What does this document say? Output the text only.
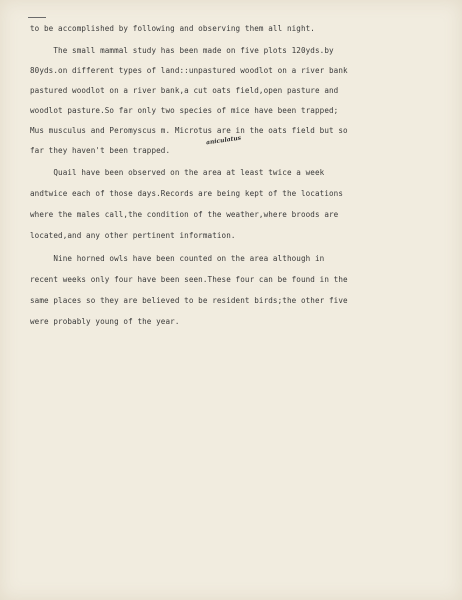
to be accomplished by following and observing them all night.
The small mammal study has been made on five plots 120yds.by
80yds.on different types of land::unpastured woodlot on a river bank
pastured woodlot on a river bank,a cut oats field,open pasture and
woodlot pasture.So far only two species of mice have been trapped;
aniculatus
Mus musculus and Peromyscus m. Microtus are in the oats field but so
far they haven't been trapped.
Quail have been observed on the area at least twice a week
andtwice each of those days.Records are being kept of the locations
where the males call,the condition of the weather,where broods are
located,and any other pertinent information.
Nine horned owls have been counted on the area although in
recent weeks only four have been seen.These four can be found in the
same places so they are believed to be resident birds;the other five
were probably young of the year.
